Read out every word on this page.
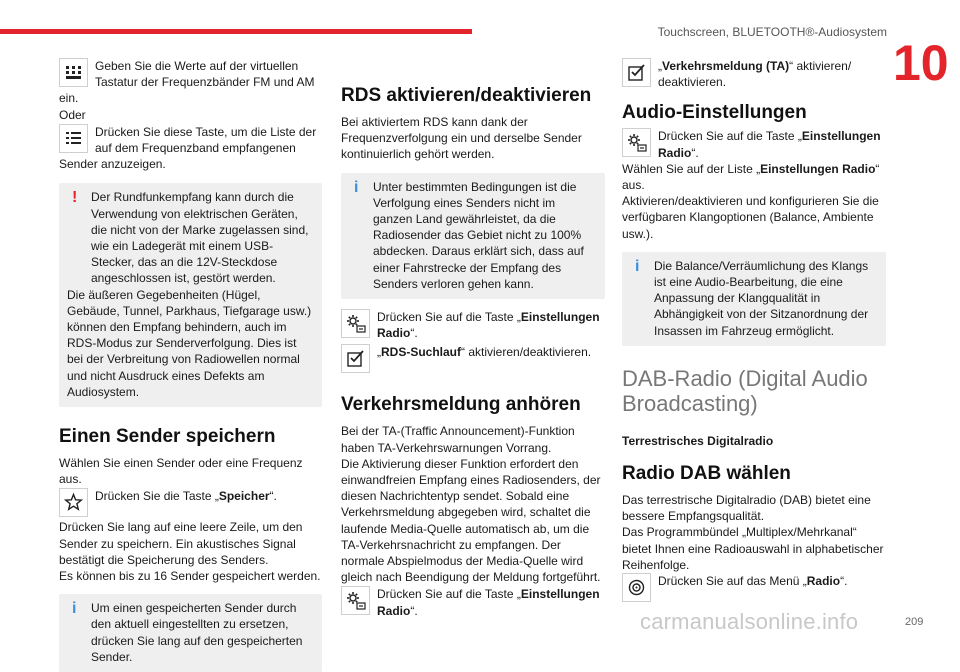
Touchscreen, BLUETOOTH®-Audiosystem
10

Geben Sie die Werte auf der virtuellen Tastatur der Frequenzbänder FM und AM

ein.

Oder

Drücken Sie diese Taste, um die Liste der auf dem Frequenzband empfangenen

Sender anzuzeigen.

!	Der Rundfunkempfang kann durch die Verwendung von elektrischen Geräten, die nicht von der Marke zugelassen sind, wie ein Ladegerät mit einem USB-Stecker, das an die 12V-Steckdose angeschlossen ist, gestört werden.

Die äußeren Gegebenheiten (Hügel, Gebäude, Tunnel, Parkhaus, Tiefgarage usw.) können den Empfang behindern, auch im RDS-Modus zur Senderverfolgung. Dies ist bei der Verbreitung von Radiowellen normal und nicht Ausdruck eines Defekts am Audiosystem.

Einen Sender speichern

Wählen Sie einen Sender oder eine Frequenz aus.

Drücken Sie die Taste „Speicher“.

Drücken Sie lang auf eine leere Zeile, um den Sender zu speichern. Ein akustisches Signal bestätigt die Speicherung des Senders.

Es können bis zu 16 Sender gespeichert werden.

i	Um einen gespeicherten Sender durch den aktuell eingestellten zu ersetzen, drücken Sie lang auf den gespeicherten Sender.

RDS aktivieren/deaktivieren

Bei aktiviertem RDS kann dank der Frequenzverfolgung ein und derselbe Sender kontinuierlich gehört werden.

i	Unter bestimmten Bedingungen ist die Verfolgung eines Senders nicht im ganzen Land gewährleistet, da die Radiosender das Gebiet nicht zu 100% abdecken. Daraus erklärt sich, dass auf einer Fahrstrecke der Empfang des Senders verloren gehen kann.

Drücken Sie auf die Taste „Einstellungen Radio“.

„RDS-Suchlauf“ aktivieren/deaktivieren.

Verkehrsmeldung anhören

Bei der TA-(Traffic Announcement)-Funktion haben TA-Verkehrswarnungen Vorrang.

Die Aktivierung dieser Funktion erfordert den einwandfreien Empfang eines Radiosenders, der diesen Nachrichtentyp sendet. Sobald eine Verkehrsmeldung abgegeben wird, schaltet die laufende Media-Quelle automatisch ab, um die TA-Verkehrsnachricht zu empfangen. Der normale Abspielmodus der Media-Quelle wird gleich nach Beendigung der Meldung fortgeführt.

Drücken Sie auf die Taste „Einstellungen Radio“.

„Verkehrsmeldung (TA)“ aktivieren/ deaktivieren.

Audio-Einstellungen

Drücken Sie auf die Taste „Einstellungen Radio“.

Wählen Sie auf der Liste „Einstellungen Radio“ aus.

Aktivieren/deaktivieren und konfigurieren Sie die verfügbaren Klangoptionen (Balance, Ambiente usw.).

i	Die Balance/Verräumlichung des Klangs ist eine Audio-Bearbeitung, die eine Anpassung der Klangqualität in Abhängigkeit von der Sitzanordnung der Insassen im Fahrzeug ermöglicht.

DAB-Radio (Digital Audio Broadcasting)
Terrestrisches Digitalradio
Radio DAB wählen

Das terrestrische Digitalradio (DAB) bietet eine bessere Empfangsqualität.

Das Programmbündel „Multiplex/Mehrkanal“ bietet Ihnen eine Radioauswahl in alphabetischer Reihenfolge.

Drücken Sie auf das Menü „Radio“.

carmanualsonline.info	209
